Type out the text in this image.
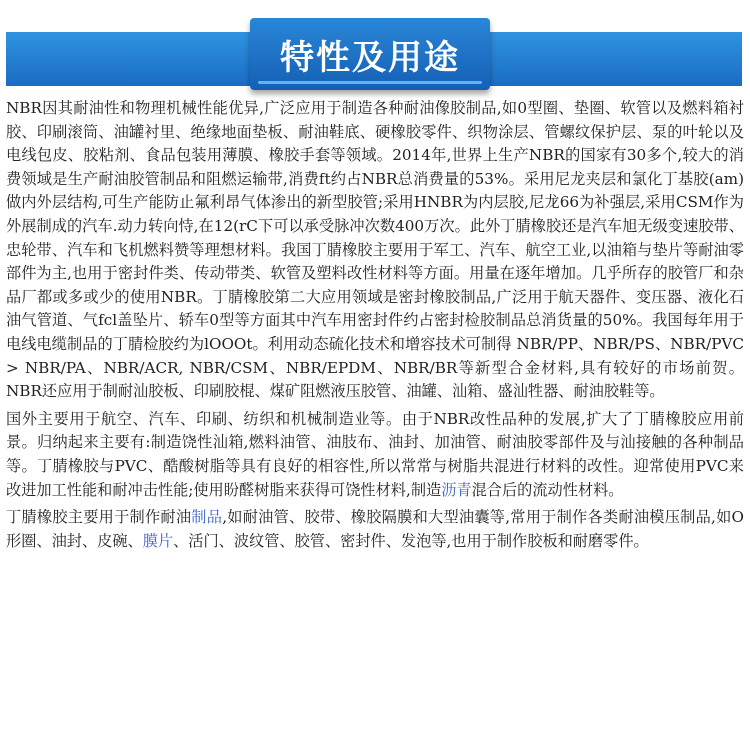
特性及用途

NBR因其耐油性和物理机械性能优异,广泛应用于制造各种耐油像胶制品,如0型圈、垫圈、软管以及燃料箱衬胶、印刷滚筒、油罐衬里、绝缘地面垫板、耐油鞋底、硬橡胶零件、织物涂层、管螺纹保护层、泵的叶轮以及电线包皮、胶粘剂、食品包装用薄膜、橡胶手套等领域。2014年,世界上生产NBR的国家有30多个,较大的消费领域是生产耐油胶管制品和阻燃运输带,消费ft约占NBR总消费量的53%。采用尼龙夹层和氯化丁基胶(am)做内外层结构,可生产能防止氟利昂气体渗出的新型胶管;采用HNBR为内层胶,尼龙66为补强层,采用CSM作为外展制成的汽车.动力转向恃,在12(rC下可以承受脉冲次数400万次。此外丁腈橡胶还是汽车旭无级变速胶带、忠轮带、汽车和飞机燃料赞等理想材料。我国丁腈橡胶主要用于军工、汽车、航空工业,以油箱与垫片等耐油零部件为主,也用于密封件类、传动带类、软管及塑料改性材料等方面。用量在逐年增加。几乎所存的胶管厂和杂品厂都或多或少的使用NBR。丁腈橡胶第二大应用领域是密封橡胶制品,广泛用于航天器件、变压器、液化石油气管道、气fcl盖坠片、轿车0型等方面其中汽车用密封件约占密封检胶制品总消货量的50%。我国每年用于电线电缆制品的丁腈检胶约为lOOOt。利用动态硫化技术和增容技术可制得 NBR/PP、NBR/PS、NBR/PVC > NBR/PA、NBR/ACR, NBR/CSM、NBR/EPDM、NBR/BR等新型合金材料,具有较好的市场前贺。NBR还应用于制耐汕胶板、印刷胶棍、煤矿阻燃液压胶管、油罐、汕箱、盛汕牲器、耐油胶鞋等。

国外主要用于航空、汽车、印刷、纺织和机械制造业等。由于NBR改性品种的发展,扩大了丁腈橡胶应用前景。归纳起来主要有:制造饶性汕箱,燃料油管、油肢布、油封、加油管、耐油胶零部件及与汕接触的各种制品等。丁腈橡胶与PVC、酷酸树脂等具有良好的相容性,所以常常与树脂共混进行材料的改性。迎常使用PVC来改进加工性能和耐冲击性能;使用盼醛树脂来获得可饶性材料,制造沥青混合后的流动性材料。

丁腈橡胶主要用于制作耐油制品,如耐油管、胶带、橡胶隔膜和大型油囊等,常用于制作各类耐油模压制品,如O形圈、油封、皮碗、膜片、活门、波纹管、胶管、密封件、发泡等,也用于制作胶板和耐磨零件。
